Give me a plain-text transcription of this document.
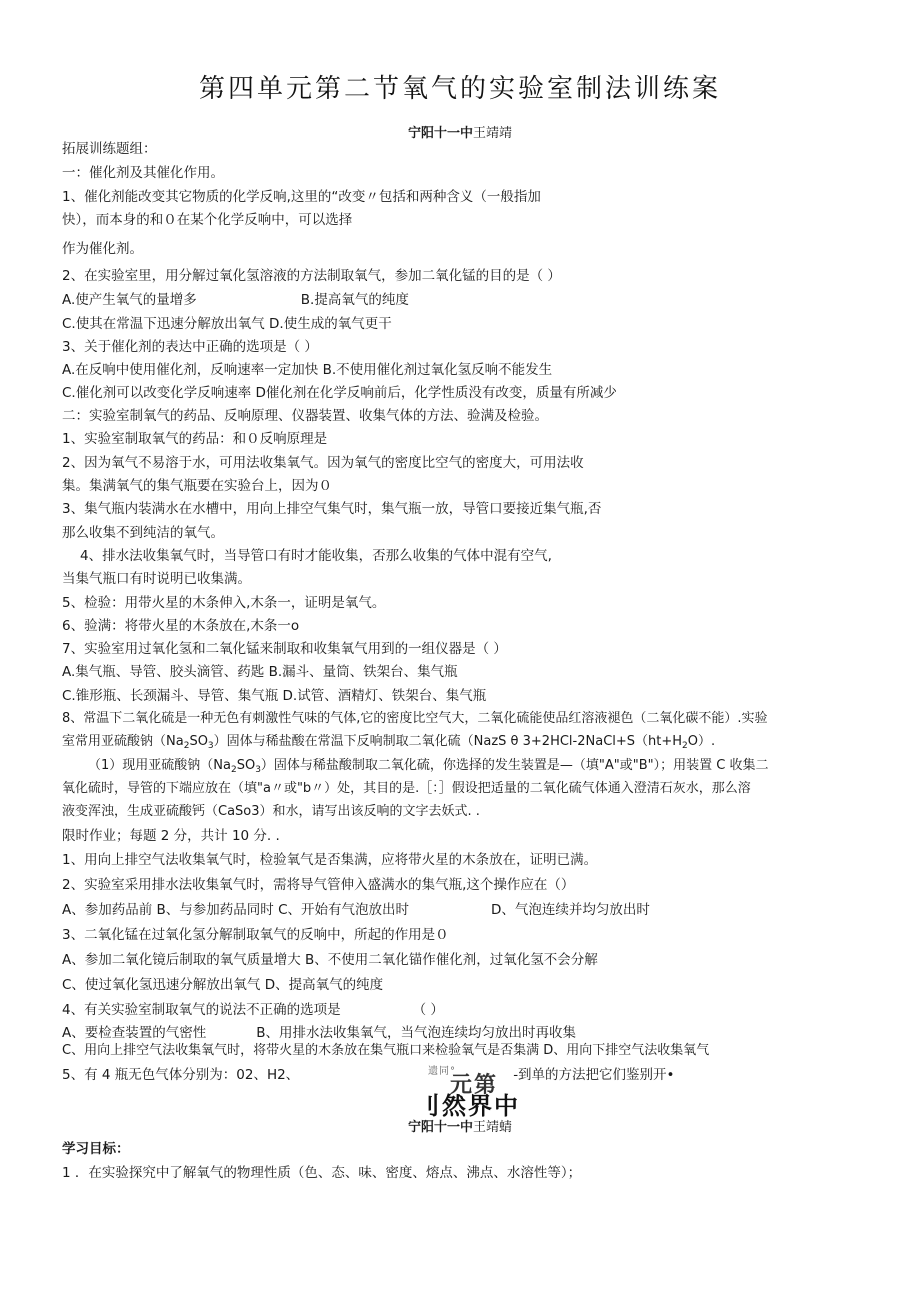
第四单元第二节氧气的实验室制法训练案
宁阳十一中王靖靖
拓展训练题组：
一：催化剂及其催化作用。
1、催化剂能改变其它物质的化学反响,这里的“改变〃包括和两种含义（一般指加
快），而本身的和０在某个化学反响中，可以选择
作为催化剂。
2、在实验室里，用分解过氧化氢溶液的方法制取氧气，参加二氧化锰的目的是（ ）
A.使产生氧气的量增多	B.提高氧气的纯度
C.使其在常温下迅速分解放出氧气 D.使生成的氧气更干
3、关于催化剂的表达中正确的选项是（ ）
A.在反响中使用催化剂，反响速率一定加快 B.不使用催化剂过氧化氢反响不能发生
C.催化剂可以改变化学反响速率 D催化剂在化学反响前后，化学性质没有改变，质量有所减少
二：实验室制氧气的药品、反响原理、仪器装置、收集气体的方法、验满及检验。
1、实验室制取氧气的药品：和０反响原理是
2、因为氧气不易溶于水，可用法收集氧气。因为氧气的密度比空气的密度大，可用法收
集。集满氧气的集气瓶要在实验台上，因为０
3、集气瓶内装满水在水槽中，用向上排空气集气时，集气瓶一放，导管口要接近集气瓶,否
那么收集不到纯洁的氧气。
4、排水法收集氧气时，当导管口有时才能收集，否那么收集的气体中混有空气,
当集气瓶口有时说明已收集满。
5、检验：用带火星的木条伸入,木条一，证明是氧气。
6、验满：将带火星的木条放在,木条一o
7、实验室用过氧化氢和二氧化锰来制取和收集氧气用到的一组仪器是（ ）
A.集气瓶、导管、胶头滴管、药匙 B.漏斗、量筒、铁架台、集气瓶
C.锥形瓶、长颈漏斗、导管、集气瓶 D.试管、酒精灯、铁架台、集气瓶
8、常温下二氧化硫是一种无色有刺激性气味的气体,它的密度比空气大，二氧化硫能使品红溶液褪色（二氧化碳不能）.实验
室常用亚硫酸钠$(Na_2SO_3)$固体与稀盐酸在常温下反响制取二氧化硫（NazS θ $3+2HCl-2NaCl+S(ht+H_2O)$.
（1）现用亚硫酸钠$(Na_2SO_3)$固体与稀盐酸制取二氧化硫，你选择的发生装置是—（填"A"或"B"）；用装置 C 收集二
氧化硫时，导管的下端应放在（填"a〃或"b〃）处，其目的是.［：］假设把适量的二氧化硫气体通入澄清石灰水，那么溶
液变浑浊，生成亚硫酸钙（CaSo3）和水，请写出该反响的文字去妖式. .
限时作业；每题 2 分，共计 10 分. .
1、用向上排空气法收集氧气时，检验氧气是否集满，应将带火星的木条放在，证明已满。
2、实验室采用排水法收集氧气时，需将导气管伸入盛满水的集气瓶,这个操作应在（）
A、参加药品前 B、与参加药品同时 C、开始有气泡放出时	D、气泡连续并均匀放出时
3、二氧化锰在过氧化氢分解制取氧气的反响中，所起的作用是０
A、参加二氧化镜后制取的氧气质量增大 B、不使用二氧化锚作催化剂，过氧化氢不会分解
C、使过氧化氢迅速分解放出氧气 D、提高氧气的纯度
4、有关实验室制取氧气的说法不正确的选项是	（ ）
A、要检查装置的气密性	B、用排水法收集氧气，当气泡连续均匀放出时再收集
C、用向上排空气法收集氧气时，将带火星的木条放在集气瓶口来检验氧气是否集满 D、用向下排空气法收集氧气
5、有 4 瓶无色气体分别为：02、H2、	-到单的方法把它们鉴别开•
遗同°
元第
刂然界中
宁阳十一中王靖蜻
学习目标：
1 ．在实验探究中了解氧气的物理性质（色、态、味、密度、熔点、沸点、水溶性等）；
